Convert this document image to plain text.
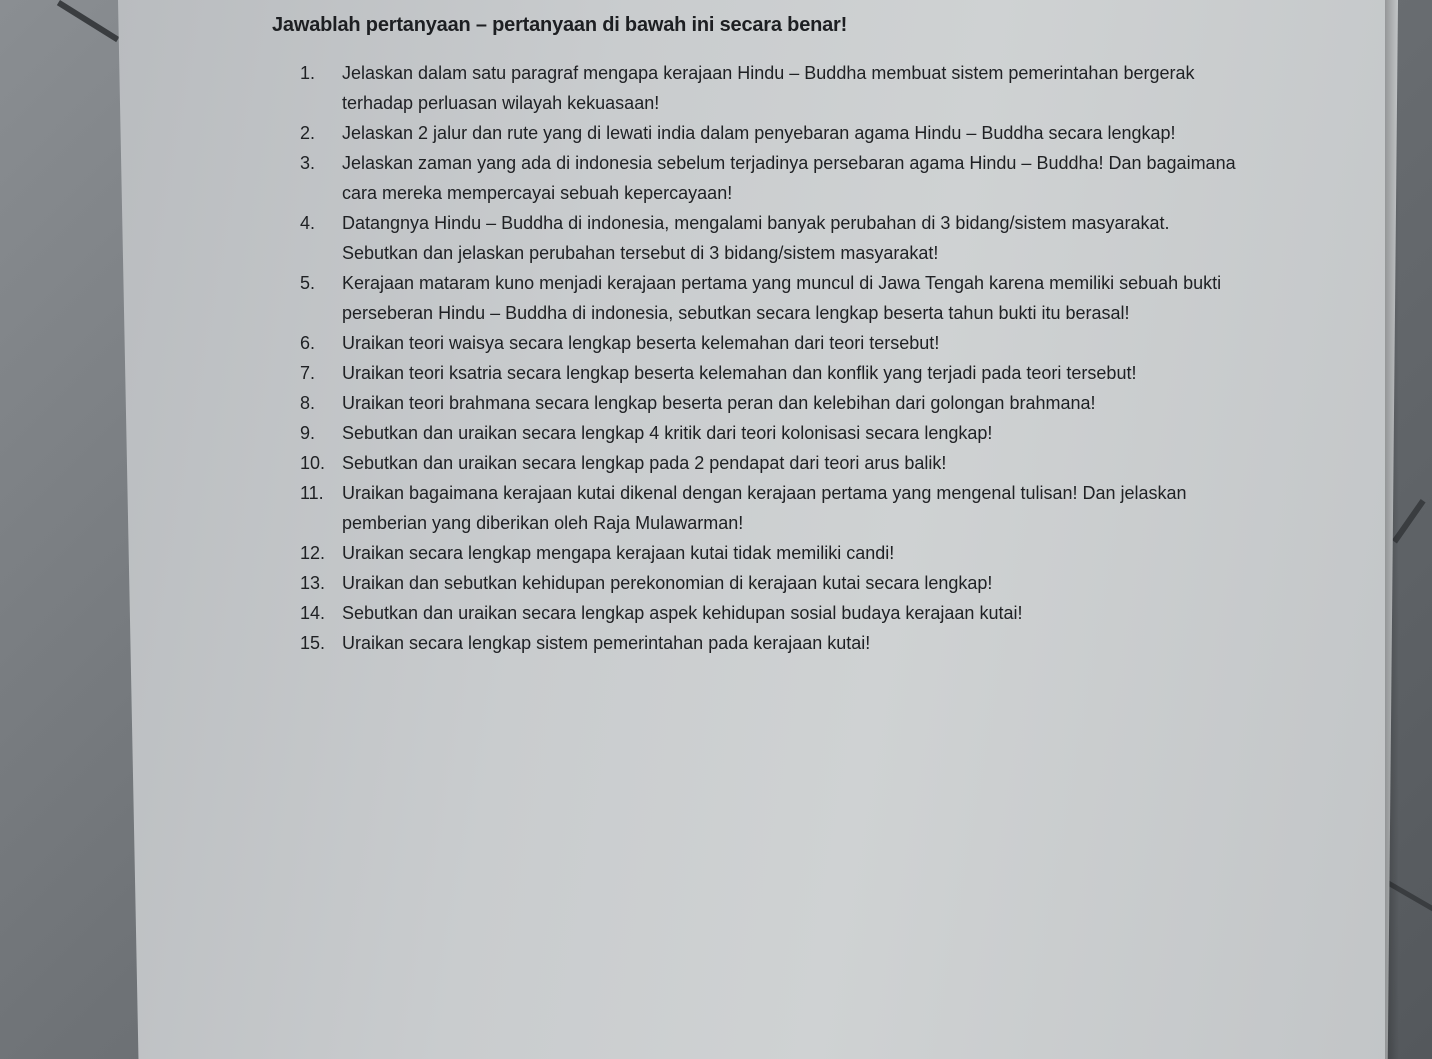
Jawablah pertanyaan – pertanyaan di bawah ini secara benar!
1.	Jelaskan dalam satu paragraf mengapa kerajaan Hindu – Buddha membuat sistem pemerintahan bergerak terhadap perluasan wilayah kekuasaan!
2.	Jelaskan 2 jalur dan rute yang di lewati india dalam penyebaran agama Hindu – Buddha secara lengkap!
3.	Jelaskan zaman yang ada di indonesia sebelum terjadinya persebaran agama Hindu – Buddha! Dan bagaimana cara mereka mempercayai sebuah kepercayaan!
4.	Datangnya Hindu – Buddha di indonesia, mengalami banyak perubahan di 3 bidang/sistem masyarakat. Sebutkan dan jelaskan perubahan tersebut di 3 bidang/sistem masyarakat!
5.	Kerajaan mataram kuno menjadi kerajaan pertama yang muncul di Jawa Tengah karena memiliki sebuah bukti perseberan Hindu – Buddha di indonesia, sebutkan secara lengkap beserta tahun bukti itu berasal!
6.	Uraikan teori waisya secara lengkap beserta kelemahan dari teori tersebut!
7.	Uraikan teori ksatria secara lengkap beserta kelemahan dan konflik yang terjadi pada teori tersebut!
8.	Uraikan teori brahmana secara lengkap beserta peran dan kelebihan dari golongan brahmana!
9.	Sebutkan dan uraikan secara lengkap 4 kritik dari teori kolonisasi secara lengkap!
10. Sebutkan dan uraikan secara lengkap pada 2 pendapat dari teori arus balik!
11.	Uraikan bagaimana kerajaan kutai dikenal dengan kerajaan pertama yang mengenal tulisan! Dan jelaskan pemberian yang diberikan oleh Raja Mulawarman!
12. Uraikan secara lengkap mengapa kerajaan kutai tidak memiliki candi!
13. Uraikan dan sebutkan kehidupan perekonomian di kerajaan kutai secara lengkap!
14. Sebutkan dan uraikan secara lengkap aspek kehidupan sosial budaya kerajaan kutai!
15. Uraikan secara lengkap sistem pemerintahan pada kerajaan kutai!
